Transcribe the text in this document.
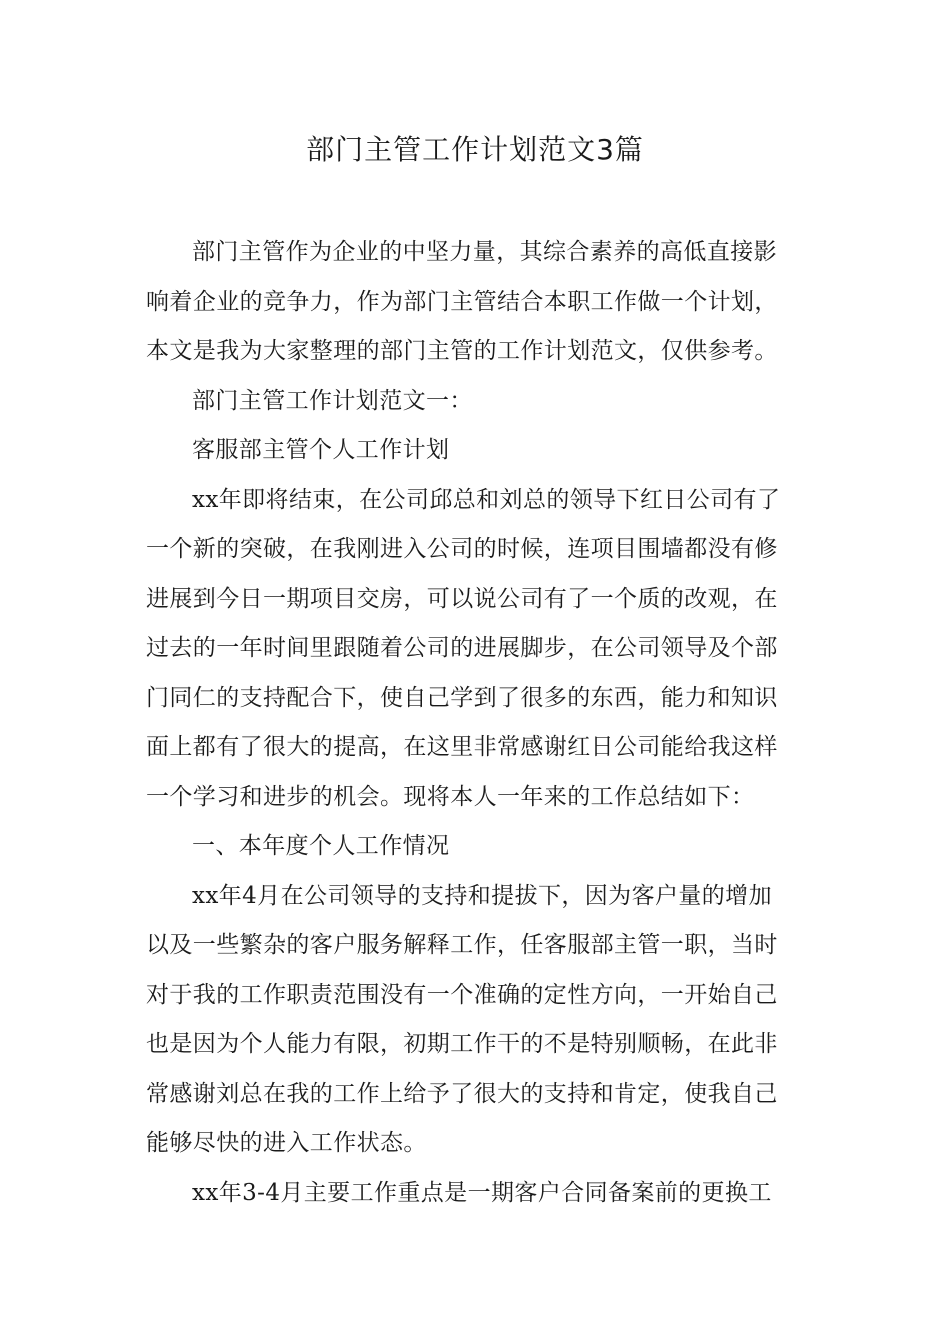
部门主管工作计划范文3篇

部门主管作为企业的中坚力量，其综合素养的高低直接影
响着企业的竞争力，作为部门主管结合本职工作做一个计划，
本文是我为大家整理的部门主管的工作计划范文，仅供参考。

部门主管工作计划范文一：

客服部主管个人工作计划

xx年即将结束，在公司邱总和刘总的领导下红日公司有了
一个新的突破，在我刚进入公司的时候，连项目围墙都没有修
进展到今日一期项目交房，可以说公司有了一个质的改观，在
过去的一年时间里跟随着公司的进展脚步，在公司领导及个部
门同仁的支持配合下，使自己学到了很多的东西，能力和知识
面上都有了很大的提高，在这里非常感谢红日公司能给我这样
一个学习和进步的机会。现将本人一年来的工作总结如下：

一、本年度个人工作情况

xx年4月在公司领导的支持和提拔下，因为客户量的增加
以及一些繁杂的客户服务解释工作，任客服部主管一职，当时
对于我的工作职责范围没有一个准确的定性方向，一开始自己
也是因为个人能力有限，初期工作干的不是特别顺畅，在此非
常感谢刘总在我的工作上给予了很大的支持和肯定，使我自己
能够尽快的进入工作状态。

xx年3-4月主要工作重点是一期客户合同备案前的更换工
